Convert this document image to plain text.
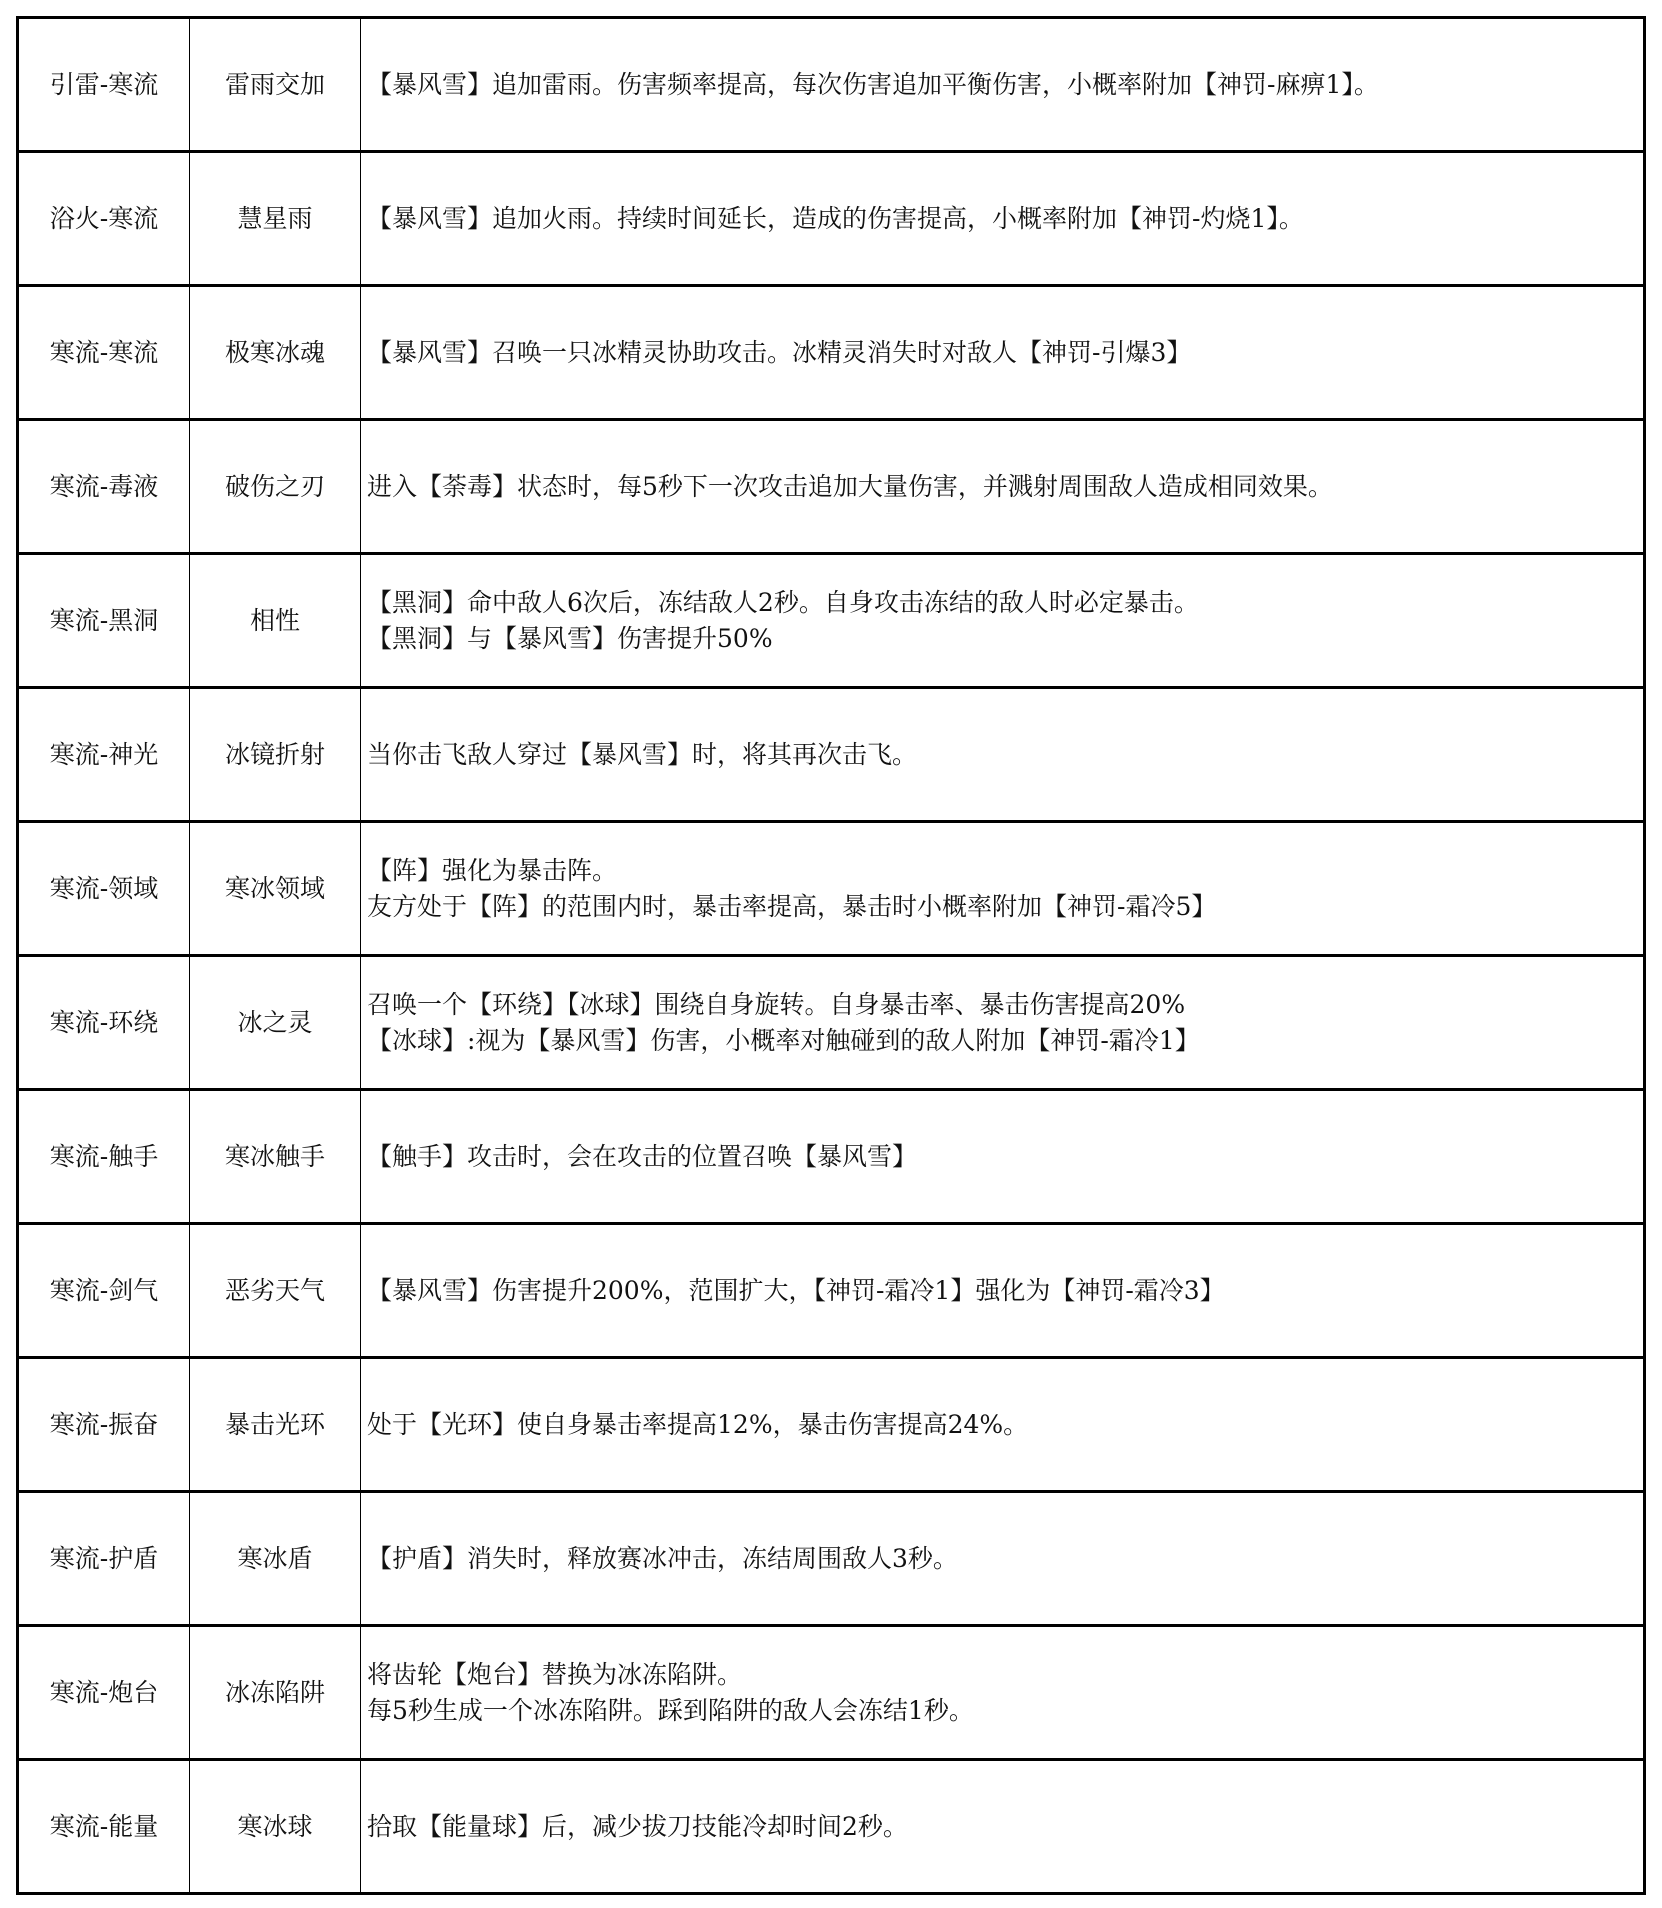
引雷-寒流	雷雨交加	【暴风雪】追加雷雨。伤害频率提高，每次伤害追加平衡伤害，小概率附加【神罚-麻痹1】。

浴火-寒流	慧星雨	【暴风雪】追加火雨。持续时间延长，造成的伤害提高，小概率附加【神罚-灼烧1】。

寒流-寒流	极寒冰魂	【暴风雪】召唤一只冰精灵协助攻击。冰精灵消失时对敌人【神罚-引爆3】

寒流-毒液	破伤之刃	进入【荼毒】状态时，每5秒下一次攻击追加大量伤害，并溅射周围敌人造成相同效果。

寒流-黑洞	相性	【黑洞】命中敌人6次后，冻结敌人2秒。自身攻击冻结的敌人时必定暴击。
【黑洞】与【暴风雪】伤害提升50%

寒流-神光	冰镜折射	当你击飞敌人穿过【暴风雪】时，将其再次击飞。

寒流-领域	寒冰领域	【阵】强化为暴击阵。
友方处于【阵】的范围内时，暴击率提高，暴击时小概率附加【神罚-霜冷5】

寒流-环绕	冰之灵	召唤一个【环绕】【冰球】围绕自身旋转。自身暴击率、暴击伤害提高20%
【冰球】:视为【暴风雪】伤害，小概率对触碰到的敌人附加【神罚-霜冷1】

寒流-触手	寒冰触手	【触手】攻击时，会在攻击的位置召唤【暴风雪】

寒流-剑气	恶劣天气	【暴风雪】伤害提升200%，范围扩大，【神罚-霜冷1】强化为【神罚-霜冷3】

寒流-振奋	暴击光环	处于【光环】使自身暴击率提高12%，暴击伤害提高24%。

寒流-护盾	寒冰盾	【护盾】消失时，释放赛冰冲击，冻结周围敌人3秒。

寒流-炮台	冰冻陷阱	将齿轮【炮台】替换为冰冻陷阱。
每5秒生成一个冰冻陷阱。踩到陷阱的敌人会冻结1秒。

寒流-能量	寒冰球	拾取【能量球】后，减少拔刀技能冷却时间2秒。
